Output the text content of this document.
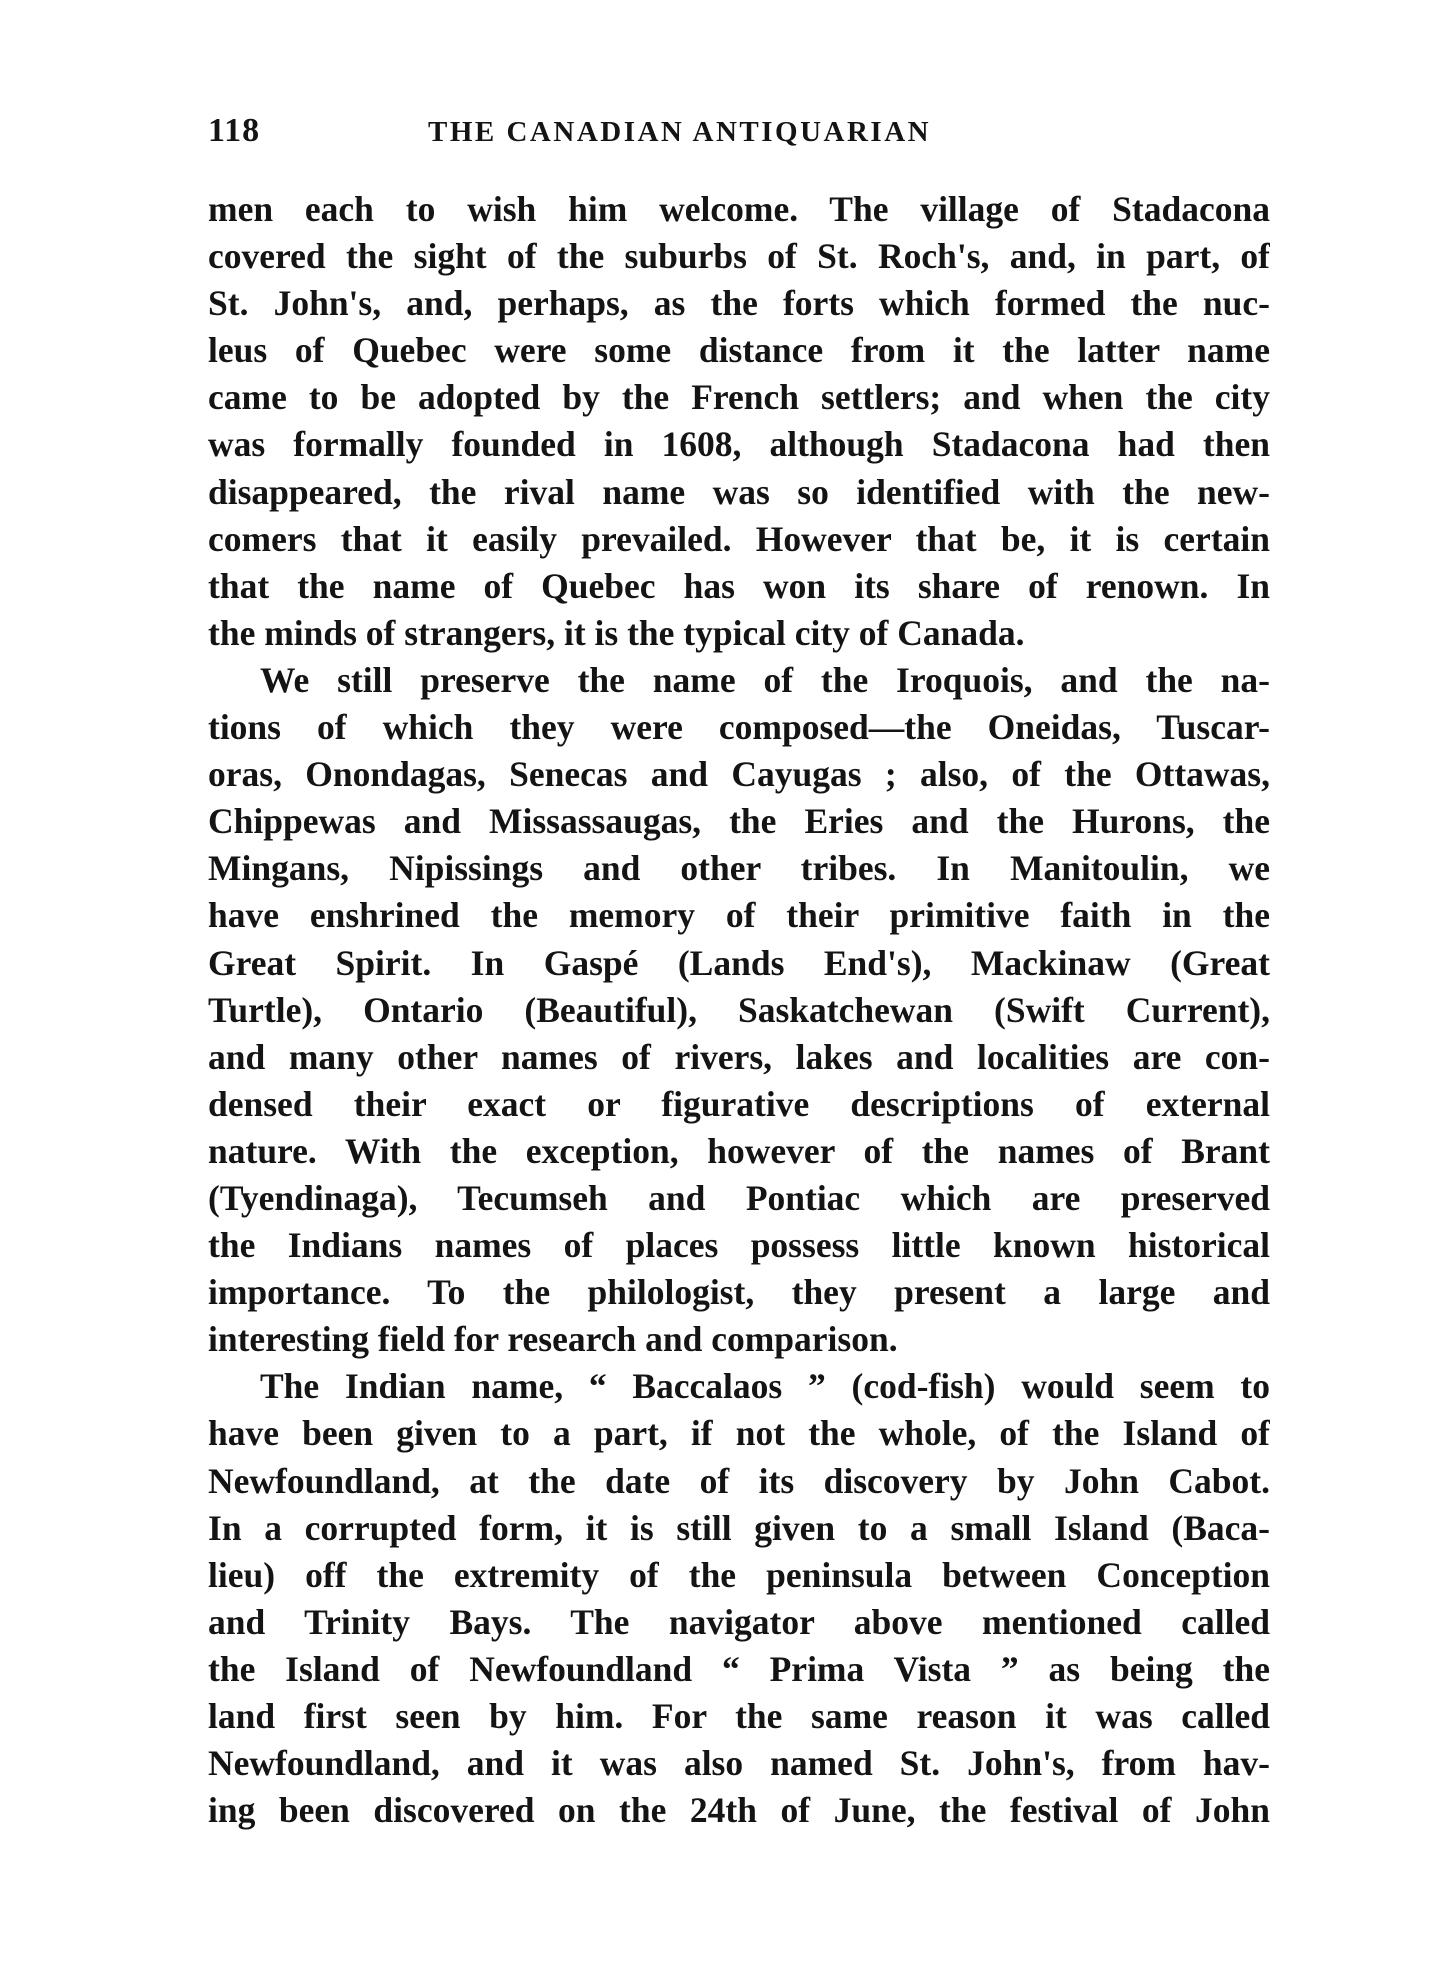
118	THE CANADIAN ANTIQUARIAN
men each to wish him welcome. The village of Stadacona
covered the sight of the suburbs of St. Roch's, and, in part, of
St. John's, and, perhaps, as the forts which formed the nuc-
leus of Quebec were some distance from it the latter name
came to be adopted by the French settlers; and when the city
was formally founded in 1608, although Stadacona had then
disappeared, the rival name was so identified with the new-
comers that it easily prevailed. However that be, it is certain
that the name of Quebec has won its share of renown. In
the minds of strangers, it is the typical city of Canada.
We still preserve the name of the Iroquois, and the na-
tions of which they were composed—the Oneidas, Tuscar-
oras, Onondagas, Senecas and Cayugas ; also, of the Ottawas,
Chippewas and Missassaugas, the Eries and the Hurons, the
Mingans, Nipissings and other tribes. In Manitoulin, we
have enshrined the memory of their primitive faith in the
Great Spirit. In Gaspé (Lands End's), Mackinaw (Great
Turtle), Ontario (Beautiful), Saskatchewan (Swift Current),
and many other names of rivers, lakes and localities are con-
densed their exact or figurative descriptions of external
nature. With the exception, however of the names of Brant
(Tyendinaga), Tecumseh and Pontiac which are preserved
the Indians names of places possess little known historical
importance. To the philologist, they present a large and
interesting field for research and comparison.
The Indian name, “ Baccalaos ” (cod-fish) would seem to
have been given to a part, if not the whole, of the Island of
Newfoundland, at the date of its discovery by John Cabot.
In a corrupted form, it is still given to a small Island (Baca-
lieu) off the extremity of the peninsula between Conception
and Trinity Bays. The navigator above mentioned called
the Island of Newfoundland “ Prima Vista ” as being the
land first seen by him. For the same reason it was called
Newfoundland, and it was also named St. John's, from hav-
ing been discovered on the 24th of June, the festival of John
